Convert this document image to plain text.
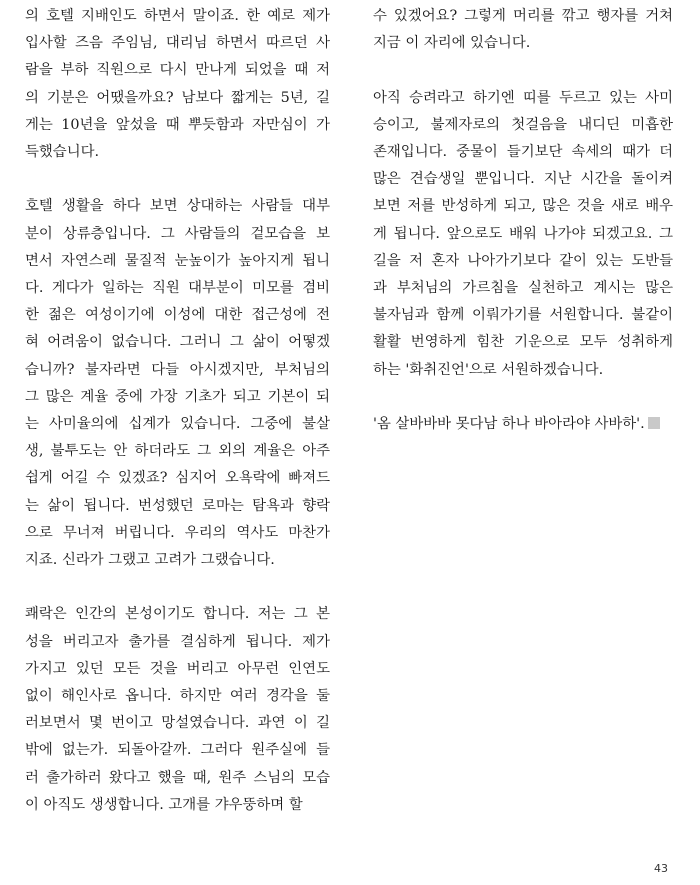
의 호텔 지배인도 하면서 말이죠. 한 예로 제가
입사할 즈음 주임님, 대리님 하면서 따르던 사
람을 부하 직원으로 다시 만나게 되었을 때 저
의 기분은 어땠을까요? 남보다 짧게는 5년, 길
게는 10년을 앞섰을 때 뿌듯함과 자만심이 가
득했습니다.
호텔 생활을 하다 보면 상대하는 사람들 대부
분이 상류층입니다. 그 사람들의 겉모습을 보
면서 자연스레 물질적 눈높이가 높아지게 됩니
다. 게다가 일하는 직원 대부분이 미모를 겸비
한 젊은 여성이기에 이성에 대한 접근성에 전
혀 어려움이 없습니다. 그러니 그 삶이 어떻겠
습니까? 불자라면 다들 아시겠지만, 부처님의
그 많은 계율 중에 가장 기초가 되고 기본이 되
는 사미율의에 십계가 있습니다. 그중에 불살
생, 불투도는 안 하더라도 그 외의 계율은 아주
쉽게 어길 수 있겠죠? 심지어 오욕락에 빠져드
는 삶이 됩니다. 번성했던 로마는 탐욕과 향락
으로 무너져 버립니다. 우리의 역사도 마찬가
지죠. 신라가 그랬고 고려가 그랬습니다.
쾌락은 인간의 본성이기도 합니다. 저는 그 본
성을 버리고자 출가를 결심하게 됩니다. 제가
가지고 있던 모든 것을 버리고 아무런 인연도
없이 해인사로 옵니다. 하지만 여러 경각을 둘
러보면서 몇 번이고 망설였습니다. 과연 이 길
밖에 없는가. 되돌아갈까. 그러다 원주실에 들
러 출가하러 왔다고 했을 때, 원주 스님의 모습
이 아직도 생생합니다. 고개를 갸우뚱하며 할
수 있겠어요? 그렇게 머리를 깎고 행자를 거쳐
지금 이 자리에 있습니다.
아직 승려라고 하기엔 띠를 두르고 있는 사미
승이고, 불제자로의 첫걸음을 내디딘 미흡한
존재입니다. 중물이 들기보단 속세의 때가 더
많은 견습생일 뿐입니다. 지난 시간을 돌이켜
보면 저를 반성하게 되고, 많은 것을 새로 배우
게 됩니다. 앞으로도 배워 나가야 되겠고요. 그
길을 저 혼자 나아가기보다 같이 있는 도반들
과 부처님의 가르침을 실천하고 계시는 많은
불자님과 함께 이뤄가기를 서원합니다. 불같이
활활 번영하게 힘찬 기운으로 모두 성취하게
하는 '화취진언'으로 서원하겠습니다.
'옴 살바바바 못다남 하나 바아라야 사바하'.
43
